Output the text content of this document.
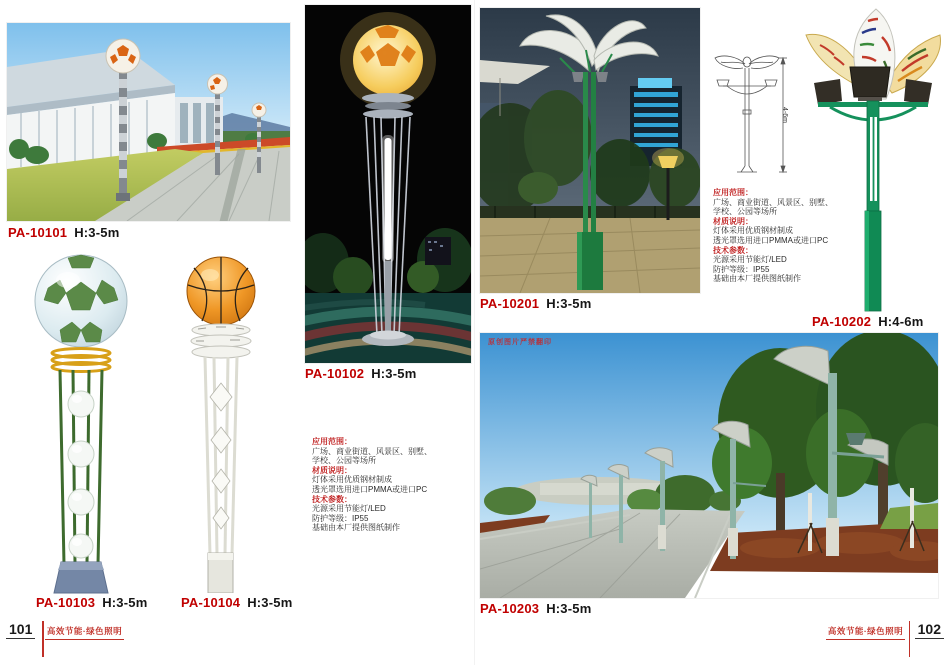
PA-10101 H:3-5m
PA-10103 H:3-5m	PA-10104 H:3-5m
PA-10102 H:3-5m
应用范围：
广场、商业街道、风景区、别墅、
学校、公园等场所
材质说明：
灯体采用优质钢材制成
透光罩选用进口PMMA或进口PC
技术参数：
光源采用节能灯/LED
防护等级：IP55
基础由本厂提供图纸制作
PA-10201 H:3-5m
4-6m
应用范围：
广场、商业街道、风景区、别墅、
学校、公园等场所
材质说明：
灯体采用优质钢材制成
透光罩选用进口PMMA或进口PC
技术参数：
光源采用节能灯/LED
防护等级：IP55
基础由本厂提供图纸制作
PA-10202 H:4-6m
原创图片严禁翻印
PA-10203 H:3-5m
101 高效节能·绿色照明	高效节能·绿色照明 102
